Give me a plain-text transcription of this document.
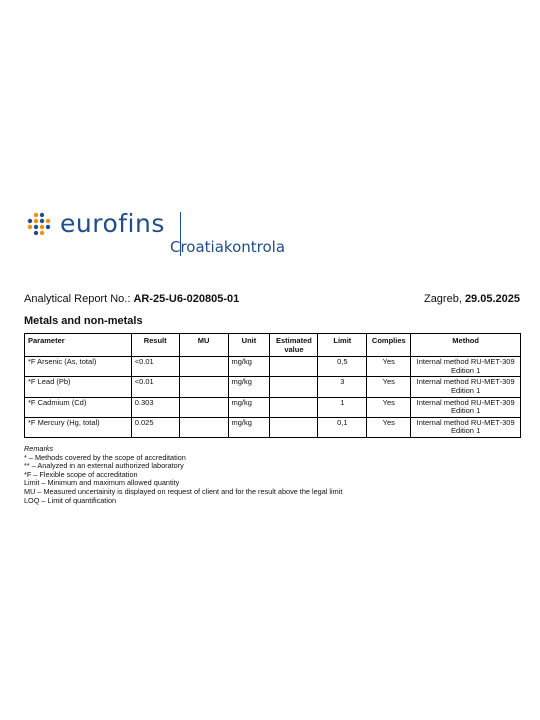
eurofins
Croatiakontrola
Analytical Report No.: AR-25-U6-020805-01	Zagreb, 29.05.2025
Metals and non-metals
Parameter	Result	MU	Unit	Estimated value	Limit	Complies	Method
*F Arsenic (As, total)	<0.01		mg/kg		0,5	Yes	Internal method RU-MET-309
Edition 1

*F Lead (Pb)	<0.01		mg/kg		3	Yes	Internal method RU-MET-309
Edition 1

*F Cadmium (Cd)	0.303		mg/kg		1	Yes	Internal method RU-MET-309
Edition 1

*F Mercury (Hg, total)	0.025		mg/kg		0,1	Yes	Internal method RU-MET-309
Edition 1
Remarks
* – Methods covered by the scope of accreditation
** – Analyzed in an external authorized laboratory
*F – Flexible scope of accreditation
Limit – Minimum and maximum allowed quantity
MU – Measured uncertainity is displayed on request of client and for the result above the legal limit
LOQ – Limit of quantification
